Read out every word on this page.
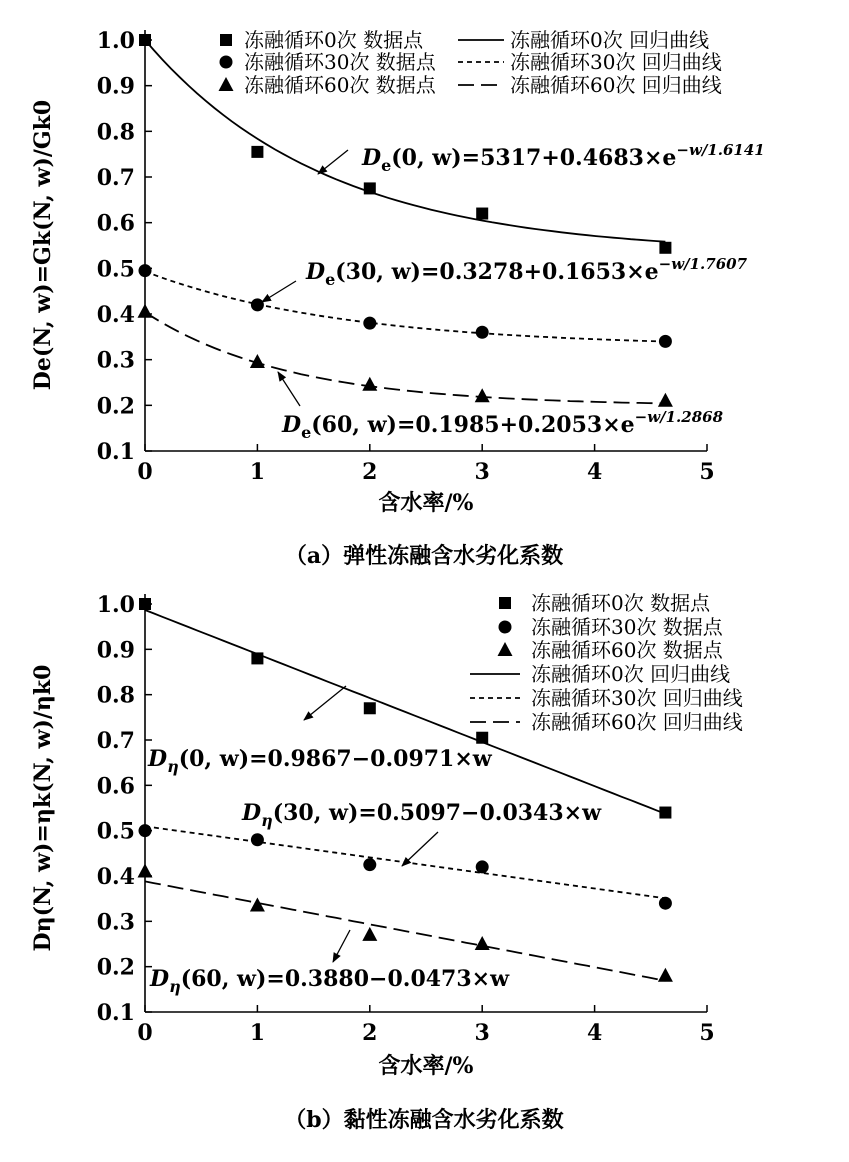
0	1	2	3	4	5
0.1
0.2
0.3
0.4
0.5
0.6
0.7
0.8
0.9
1.0
含水率/%
De(N, w)=Gk(N, w)/Gk0
（a）弹性冻融含水劣化系数
冻融循环0次 数据点	冻融循环0次 回归曲线
冻融循环30次 数据点	冻融循环30次 回归曲线
冻融循环60次 数据点	冻融循环60次 回归曲线
$D_e(0$, $w)=5317+0.4683\times e^{-w/1.6141}$
$D_e(30$, $w)=0.3278+0.1653\times e^{-w/1.7607}$
$D_e(60$, $w)=0.1985+0.2053\times e^{-w/1.2868}$
0	1	2	3	4	5
0.1
0.2
0.3
0.4
0.5
0.6
0.7
0.8
0.9
1.0
含水率/%
Dη(N, w)=ηk(N, w)/ηk0
（b）黏性冻融含水劣化系数
冻融循环0次 数据点
冻融循环30次 数据点
冻融循环60次 数据点
冻融循环0次 回归曲线
冻融循环30次 回归曲线
冻融循环60次 回归曲线
$D_\eta(0$, w)=0.9867−0.0971×w
$D_\eta(30$, w)=0.5097−0.0343×w
$D_\eta(60$, w)=0.3880−0.0473×w
